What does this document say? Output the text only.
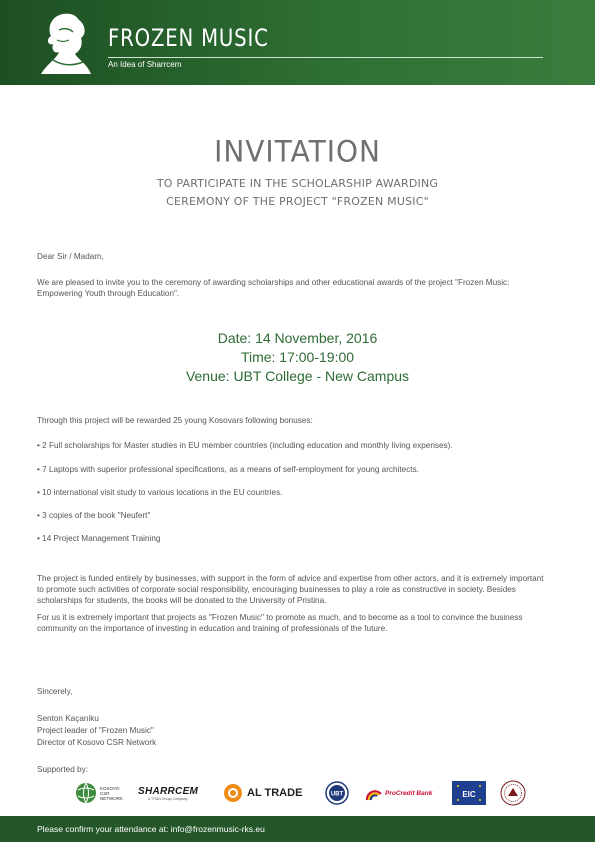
FROZEN MUSIC
An Idea of Sharrcem
INVITATION
TO PARTICIPATE IN THE SCHOLARSHIP AWARDING
CEREMONY OF THE PROJECT "FROZEN MUSIC"
Dear Sir / Madam,
We are pleased to invite you to the ceremony of awarding scholarships and other educational awards of the project "Frozen Music: Empowering Youth through Education".
Date: 14 November, 2016
Time: 17:00-19:00
Venue: UBT College - New Campus
Through this project will be rewarded 25 young Kosovars following bonuses:
• 2 Full scholarships for Master studies in EU member countries (including education and monthly living expenses).
• 7 Laptops with superior professional specifications, as a means of self-employment for young architects.
• 10 international visit study to various locations in the EU countries.
• 3 copies of the book "Neufert"
• 14 Project Management Training
The project is funded entirely by businesses, with support in the form of advice and expertise from other actors, and it is extremely important to promote such activities of corporate social responsibility, encouraging businesses to play a role as constructive in society. Besides scholarships for students, the books will be donated to the University of Pristina.
For us it is extremely important that projects as "Frozen Music" to promote as much, and to become as a tool to convince the business community on the importance of investing in education and training of professionals of the future.
Sincerely,
Senton Kaçaniku
Project leader of "Frozen Music"
Director of Kosovo CSR Network
Supported by:
KOSOVO CSR NETWORK
SHARRCEM
A TITAN Group Company	AL TRADE	UBT	ProCredit Bank	EIC
Please confirm your attendance at: info@frozenmusic-rks.eu
